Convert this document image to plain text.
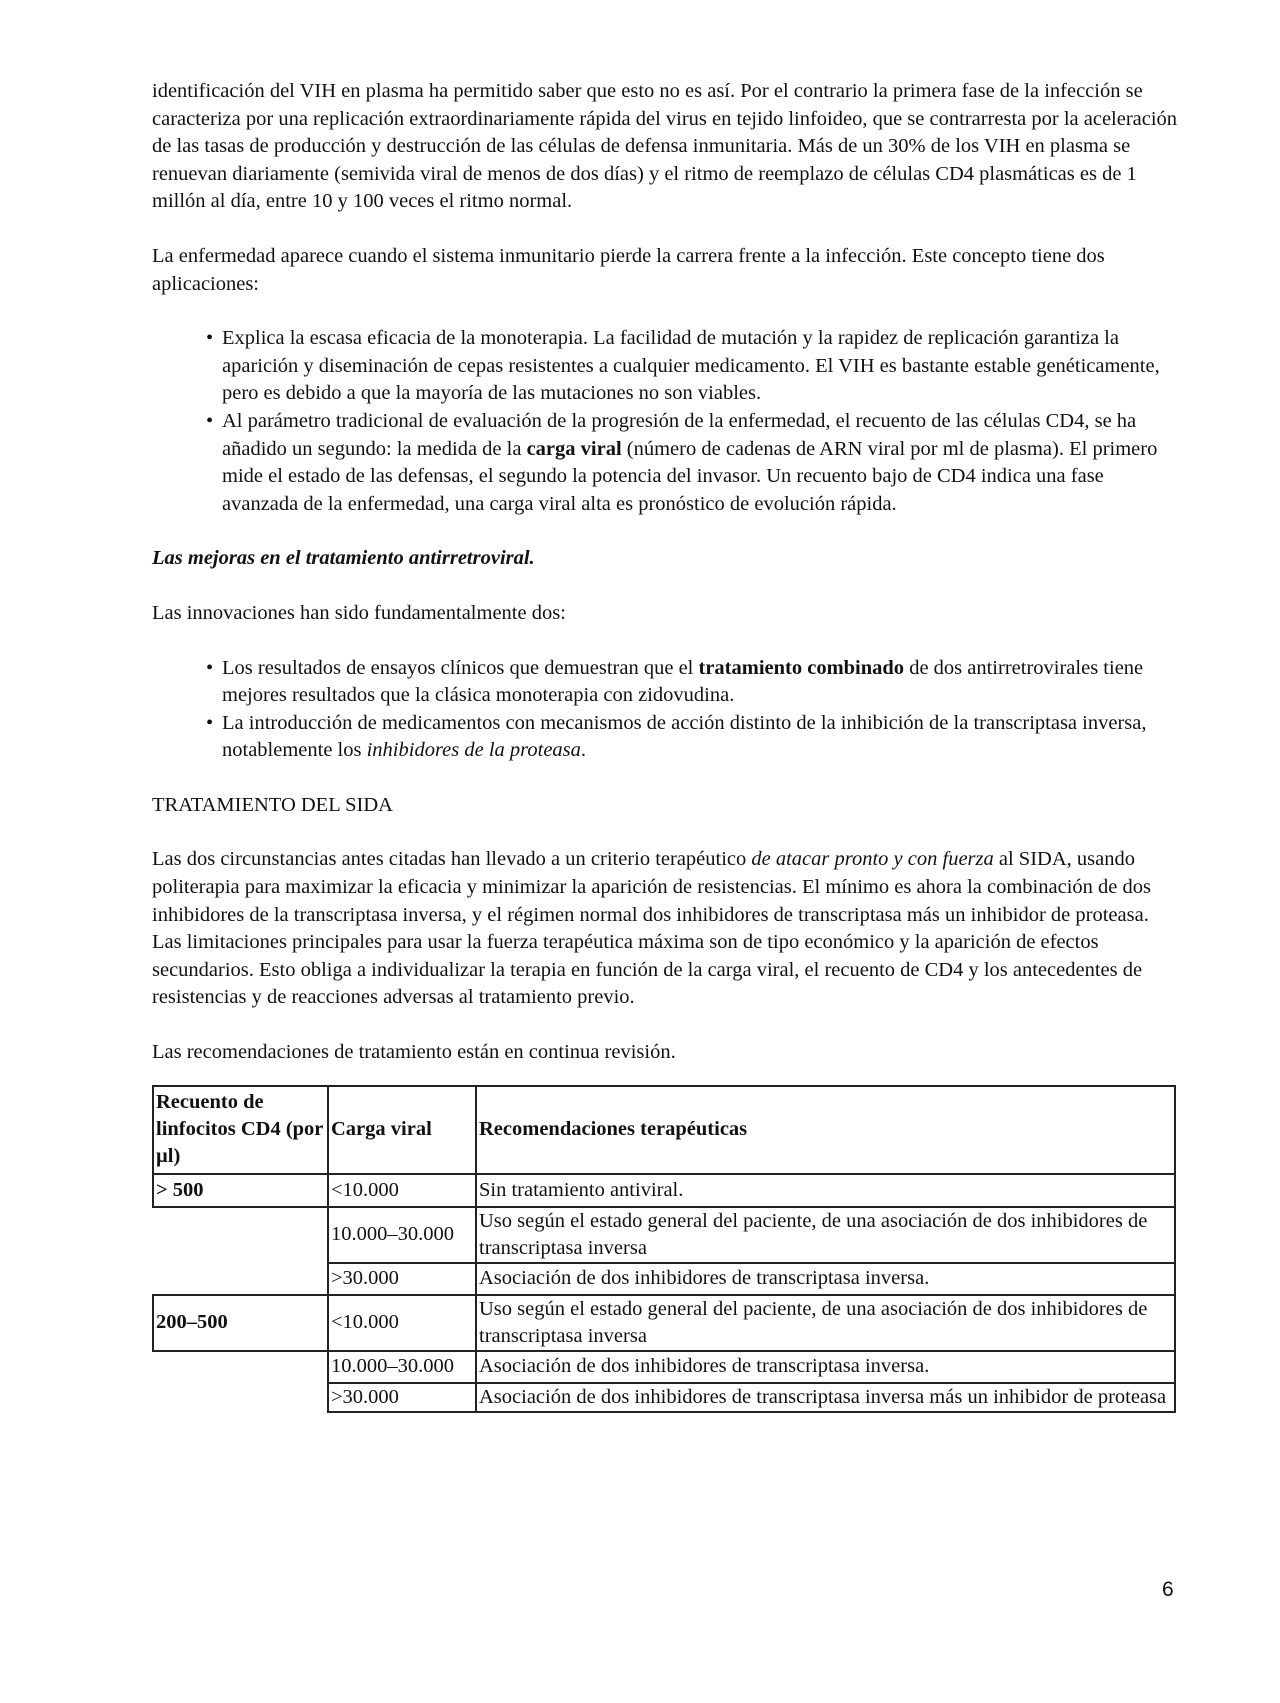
identificación del VIH en plasma ha permitido saber que esto no es así. Por el contrario la primera fase de la infección se caracteriza por una replicación extraordinariamente rápida del virus en tejido linfoideo, que se contrarresta por la aceleración de las tasas de producción y destrucción de las células de defensa inmunitaria. Más de un 30% de los VIH en plasma se renuevan diariamente (semivida viral de menos de dos días) y el ritmo de reemplazo de células CD4 plasmáticas es de 1 millón al día, entre 10 y 100 veces el ritmo normal.

La enfermedad aparece cuando el sistema inmunitario pierde la carrera frente a la infección. Este concepto tiene dos aplicaciones:

• Explica la escasa eficacia de la monoterapia. La facilidad de mutación y la rapidez de replicación garantiza la aparición y diseminación de cepas resistentes a cualquier medicamento. El VIH es bastante estable genéticamente, pero es debido a que la mayoría de las mutaciones no son viables.
• Al parámetro tradicional de evaluación de la progresión de la enfermedad, el recuento de las células CD4, se ha añadido un segundo: la medida de la carga viral (número de cadenas de ARN viral por ml de plasma). El primero mide el estado de las defensas, el segundo la potencia del invasor. Un recuento bajo de CD4 indica una fase avanzada de la enfermedad, una carga viral alta es pronóstico de evolución rápida.

Las mejoras en el tratamiento antirretroviral.

Las innovaciones han sido fundamentalmente dos:

• Los resultados de ensayos clínicos que demuestran que el tratamiento combinado de dos antirretrovirales tiene mejores resultados que la clásica monoterapia con zidovudina.
• La introducción de medicamentos con mecanismos de acción distinto de la inhibición de la transcriptasa inversa, notablemente los inhibidores de la proteasa.

TRATAMIENTO DEL SIDA

Las dos circunstancias antes citadas han llevado a un criterio terapéutico de atacar pronto y con fuerza al SIDA, usando politerapia para maximizar la eficacia y minimizar la aparición de resistencias. El mínimo es ahora la combinación de dos inhibidores de la transcriptasa inversa, y el régimen normal dos inhibidores de transcriptasa más un inhibidor de proteasa. Las limitaciones principales para usar la fuerza terapéutica máxima son de tipo económico y la aparición de efectos secundarios. Esto obliga a individualizar la terapia en función de la carga viral, el recuento de CD4 y los antecedentes de resistencias y de reacciones adversas al tratamiento previo.

Las recomendaciones de tratamiento están en continua revisión.

Recuento de linfocitos CD4 (por µl)	Carga viral	Recomendaciones terapéuticas
> 500	<10.000	Sin tratamiento antiviral.
	10.000–30.000	Uso según el estado general del paciente, de una asociación de dos inhibidores de transcriptasa inversa
	>30.000	Asociación de dos inhibidores de transcriptasa inversa.
200–500	<10.000	Uso según el estado general del paciente, de una asociación de dos inhibidores de transcriptasa inversa
	10.000–30.000	Asociación de dos inhibidores de transcriptasa inversa.
	>30.000	Asociación de dos inhibidores de transcriptasa inversa más un inhibidor de proteasa
6
